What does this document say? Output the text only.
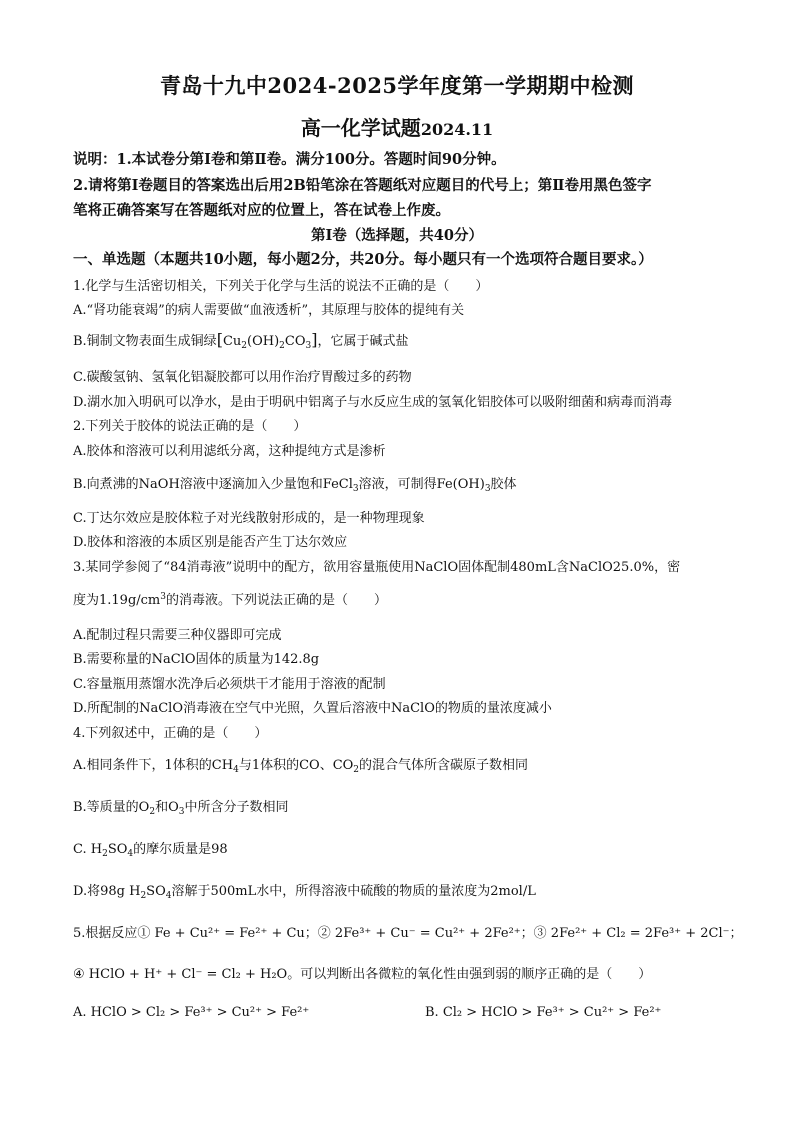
青岛十九中2024-2025学年度第一学期期中检测
高一化学试题2024.11
说明：1.本试卷分第Ⅰ卷和第Ⅱ卷。满分100分。答题时间90分钟。
2.请将第Ⅰ卷题目的答案选出后用2B铅笔涂在答题纸对应题目的代号上；第Ⅱ卷用黑色签字
笔将正确答案写在答题纸对应的位置上，答在试卷上作废。
第Ⅰ卷（选择题，共40分）
一、单选题（本题共10小题，每小题2分，共20分。每小题只有一个选项符合题目要求。）
1.化学与生活密切相关，下列关于化学与生活的说法不正确的是（　　）
A.“肾功能衰竭”的病人需要做“血液透析”，其原理与胶体的提纯有关
B.铜制文物表面生成铜绿$[Cu_2(OH)_2CO_3]$，它属于碱式盐
C.碳酸氢钠、氢氧化铝凝胶都可以用作治疗胃酸过多的药物
D.湖水加入明矾可以净水，是由于明矾中铝离子与水反应生成的氢氧化铝胶体可以吸附细菌和病毒而消毒
2.下列关于胶体的说法正确的是（　　）
A.胶体和溶液可以利用滤纸分离，这种提纯方式是渗析
B.向煮沸的NaOH溶液中逐滴加入少量饱和FeCl$_3$溶液，可制得$Fe(OH)_3$胶体
C.丁达尔效应是胶体粒子对光线散射形成的，是一种物理现象
D.胶体和溶液的本质区别是能否产生丁达尔效应
3.某同学参阅了“84消毒液”说明中的配方，欲用容量瓶使用NaClO固体配制480mL含NaClO25.0%，密
度为$1.19g/cm^3$的消毒液。下列说法正确的是（　　）
A.配制过程只需要三种仪器即可完成
B.需要称量的NaClO固体的质量为142.8g
C.容量瓶用蒸馏水洗净后必须烘干才能用于溶液的配制
D.所配制的NaClO消毒液在空气中光照，久置后溶液中NaClO的物质的量浓度减小
4.下列叙述中，正确的是（　　）
A.相同条件下，1体积的$CH_4$与1体积的CO、$CO_2$的混合气体所含碳原子数相同
B.等质量的$O_2$和$O_3$中所含分子数相同
C. $H_2SO_4$的摩尔质量是98
D.将98g $H_2SO_4$溶解于500mL水中，所得溶液中硫酸的物质的量浓度为2mol/L
5.根据反应① Fe + Cu²⁺ = Fe²⁺ + Cu；② 2Fe³⁺ + Cu⁻ = Cu²⁺ + 2Fe²⁺；③ 2Fe²⁺ + Cl₂ = 2Fe³⁺ + 2Cl⁻；
④ HClO + H⁺ + Cl⁻ = Cl₂ + H₂O。可以判断出各微粒的氧化性由强到弱的顺序正确的是（　　）
A. HClO > Cl₂ > Fe³⁺ > Cu²⁺ > Fe²⁺	B. Cl₂ > HClO > Fe³⁺ > Cu²⁺ > Fe²⁺
